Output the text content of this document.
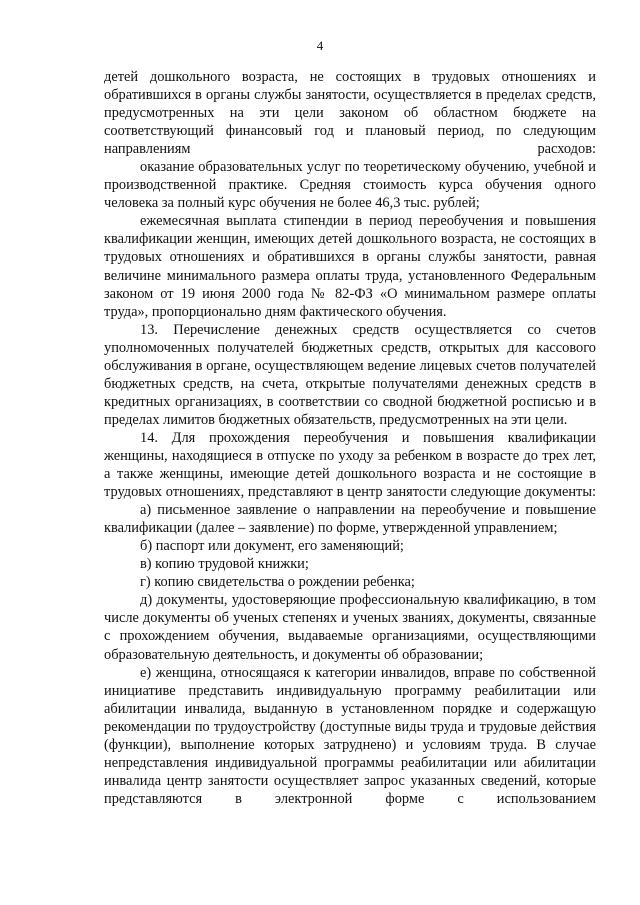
4

детей дошкольного возраста, не состоящих в трудовых отношениях и обратившихся в органы службы занятости, осуществляется в пределах средств, предусмотренных на эти цели законом об областном бюджете на соответствующий финансовый год и плановый период, по следующим направлениям расходов:

оказание образовательных услуг по теоретическому обучению, учебной и производственной практике. Средняя стоимость курса обучения одного человека за полный курс обучения не более 46,3 тыс. рублей;

ежемесячная выплата стипендии в период переобучения и повышения квалификации женщин, имеющих детей дошкольного возраста, не состоящих в трудовых отношениях и обратившихся в органы службы занятости, равная величине минимального размера оплаты труда, установленного Федеральным законом от 19 июня 2000 года № 82-ФЗ «О минимальном размере оплаты труда», пропорционально дням фактического обучения.

13. Перечисление денежных средств осуществляется со счетов уполномоченных получателей бюджетных средств, открытых для кассового обслуживания в органе, осуществляющем ведение лицевых счетов получателей бюджетных средств, на счета, открытые получателями денежных средств в кредитных организациях, в соответствии со сводной бюджетной росписью и в пределах лимитов бюджетных обязательств, предусмотренных на эти цели.

14. Для прохождения переобучения и повышения квалификации женщины, находящиеся в отпуске по уходу за ребенком в возрасте до трех лет, а также женщины, имеющие детей дошкольного возраста и не состоящие в трудовых отношениях, представляют в центр занятости следующие документы:

а) письменное заявление о направлении на переобучение и повышение квалификации (далее – заявление) по форме, утвержденной управлением;

б) паспорт или документ, его заменяющий;

в) копию трудовой книжки;

г) копию свидетельства о рождении ребенка;

д) документы, удостоверяющие профессиональную квалификацию, в том числе документы об ученых степенях и ученых званиях, документы, связанные с прохождением обучения, выдаваемые организациями, осуществляющими образовательную деятельность, и документы об образовании;

е) женщина, относящаяся к категории инвалидов, вправе по собственной инициативе представить индивидуальную программу реабилитации или абилитации инвалида, выданную в установленном порядке и содержащую рекомендации по трудоустройству (доступные виды труда и трудовые действия (функции), выполнение которых затруднено) и условиям труда. В случае непредставления индивидуальной программы реабилитации или абилитации инвалида центр занятости осуществляет запрос указанных сведений, которые представляются в электронной форме с использованием
